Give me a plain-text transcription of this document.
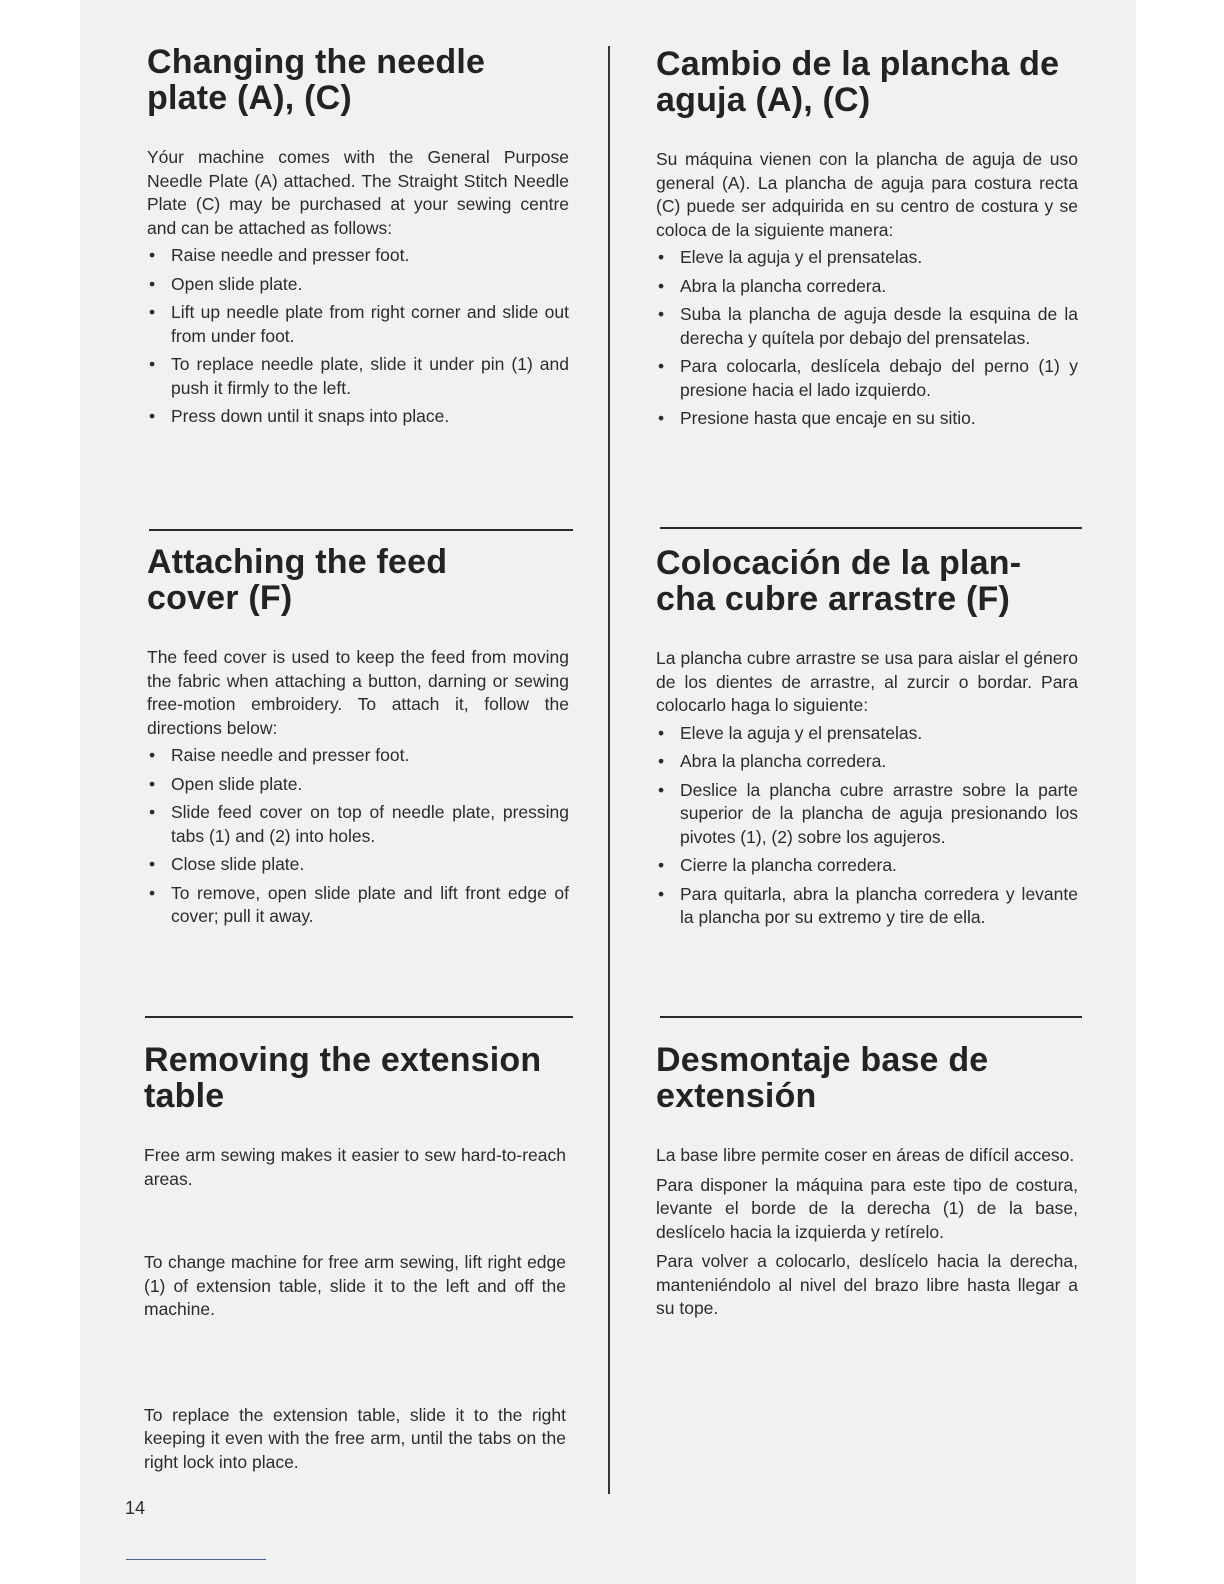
Changing the needle
plate (A), (C)

Yóur machine comes with the General Purpose Needle Plate (A) attached. The Straight Stitch Needle Plate (C) may be purchased at your sewing centre and can be attached as follows:

• Raise needle and presser foot.
• Open slide plate.
• Lift up needle plate from right corner and slide out from under foot.
• To replace needle plate, slide it under pin (1) and push it firmly to the left.
• Press down until it snaps into place.
Attaching the feed
cover (F)

The feed cover is used to keep the feed from moving the fabric when attaching a button, darning or sewing free-motion embroidery. To attach it, follow the directions below:

• Raise needle and presser foot.
• Open slide plate.
• Slide feed cover on top of needle plate, pressing tabs (1) and (2) into holes.
• Close slide plate.
• To remove, open slide plate and lift front edge of cover; pull it away.
Removing the extension
table

Free arm sewing makes it easier to sew hard-to-reach areas.

To change machine for free arm sewing, lift right edge (1) of extension table, slide it to the left and off the machine.

To replace the extension table, slide it to the right keeping it even with the free arm, until the tabs on the right lock into place.

Cambio de la plancha de
aguja (A), (C)

Su máquina vienen con la plancha de aguja de uso general (A). La plancha de aguja para costura recta (C) puede ser adquirida en su centro de costura y se coloca de la siguiente manera:

• Eleve la aguja y el prensatelas.
• Abra la plancha corredera.
• Suba la plancha de aguja desde la esquina de la derecha y quítela por debajo del prensatelas.
• Para colocarla, deslícela debajo del perno (1) y presione hacia el lado izquierdo.
• Presione hasta que encaje en su sitio.
Colocación de la plan-
cha cubre arrastre (F)

La plancha cubre arrastre se usa para aislar el género de los dientes de arrastre, al zurcir o bordar. Para colocarlo haga lo siguiente:

• Eleve la aguja y el prensatelas.
• Abra la plancha corredera.
• Deslice la plancha cubre arrastre sobre la parte superior de la plancha de aguja presionando los pivotes (1), (2) sobre los agujeros.
• Cierre la plancha corredera.
• Para quitarla, abra la plancha corredera y levante la plancha por su extremo y tire de ella.
Desmontaje base de
extensión

La base libre permite coser en áreas de difícil acceso.

Para disponer la máquina para este tipo de costura, levante el borde de la derecha (1) de la base, deslícelo hacia la izquierda y retírelo.

Para volver a colocarlo, deslícelo hacia la derecha, manteniéndolo al nivel del brazo libre hasta llegar a su tope.

14
